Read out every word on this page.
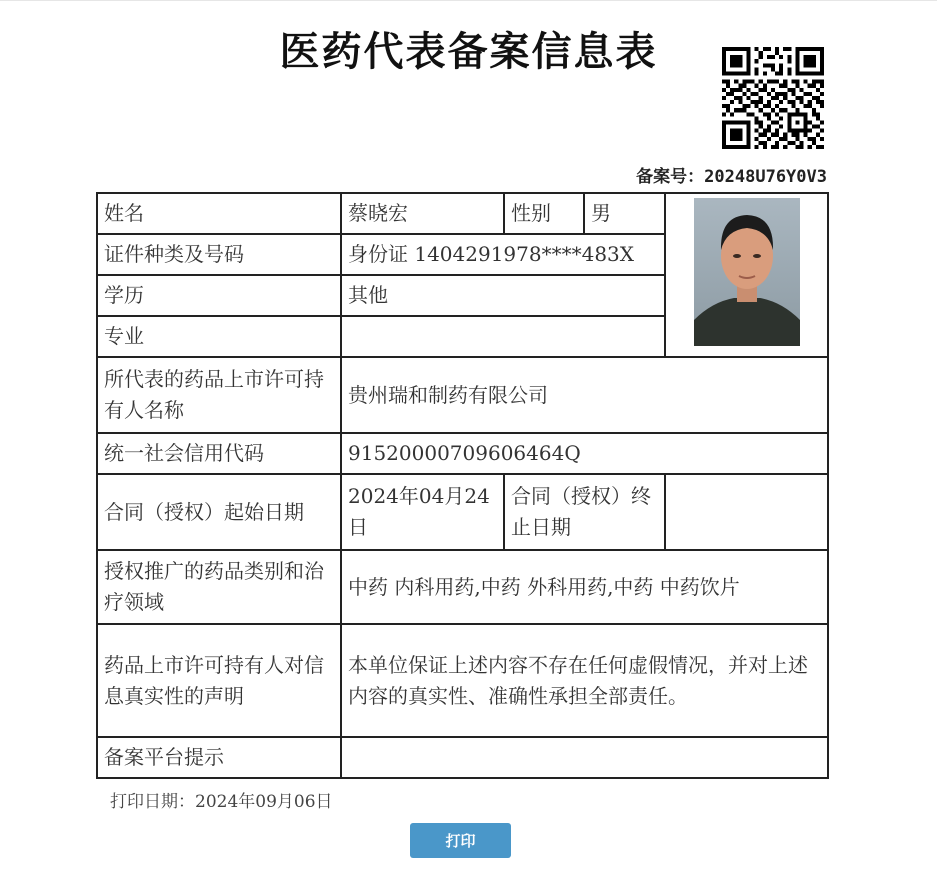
医药代表备案信息表
备案号：20248U76Y0V3
姓名	蔡晓宏	性别	男	

证件种类及号码	身份证 1404291978****483X			
学历	其他			
专业				
所代表的药品上市许可持有人名称	贵州瑞和制药有限公司			
统一社会信用代码	91520000709606464Q			
合同（授权）起始日期	2024年04月24日	合同（授权）终止日期		
授权推广的药品类别和治疗领域	中药 内科用药,中药 外科用药,中药 中药饮片			
药品上市许可持有人对信息真实性的声明	本单位保证上述内容不存在任何虚假情况，并对上述内容的真实性、准确性承担全部责任。			
备案平台提示				
打印日期：2024年09月06日
打印
